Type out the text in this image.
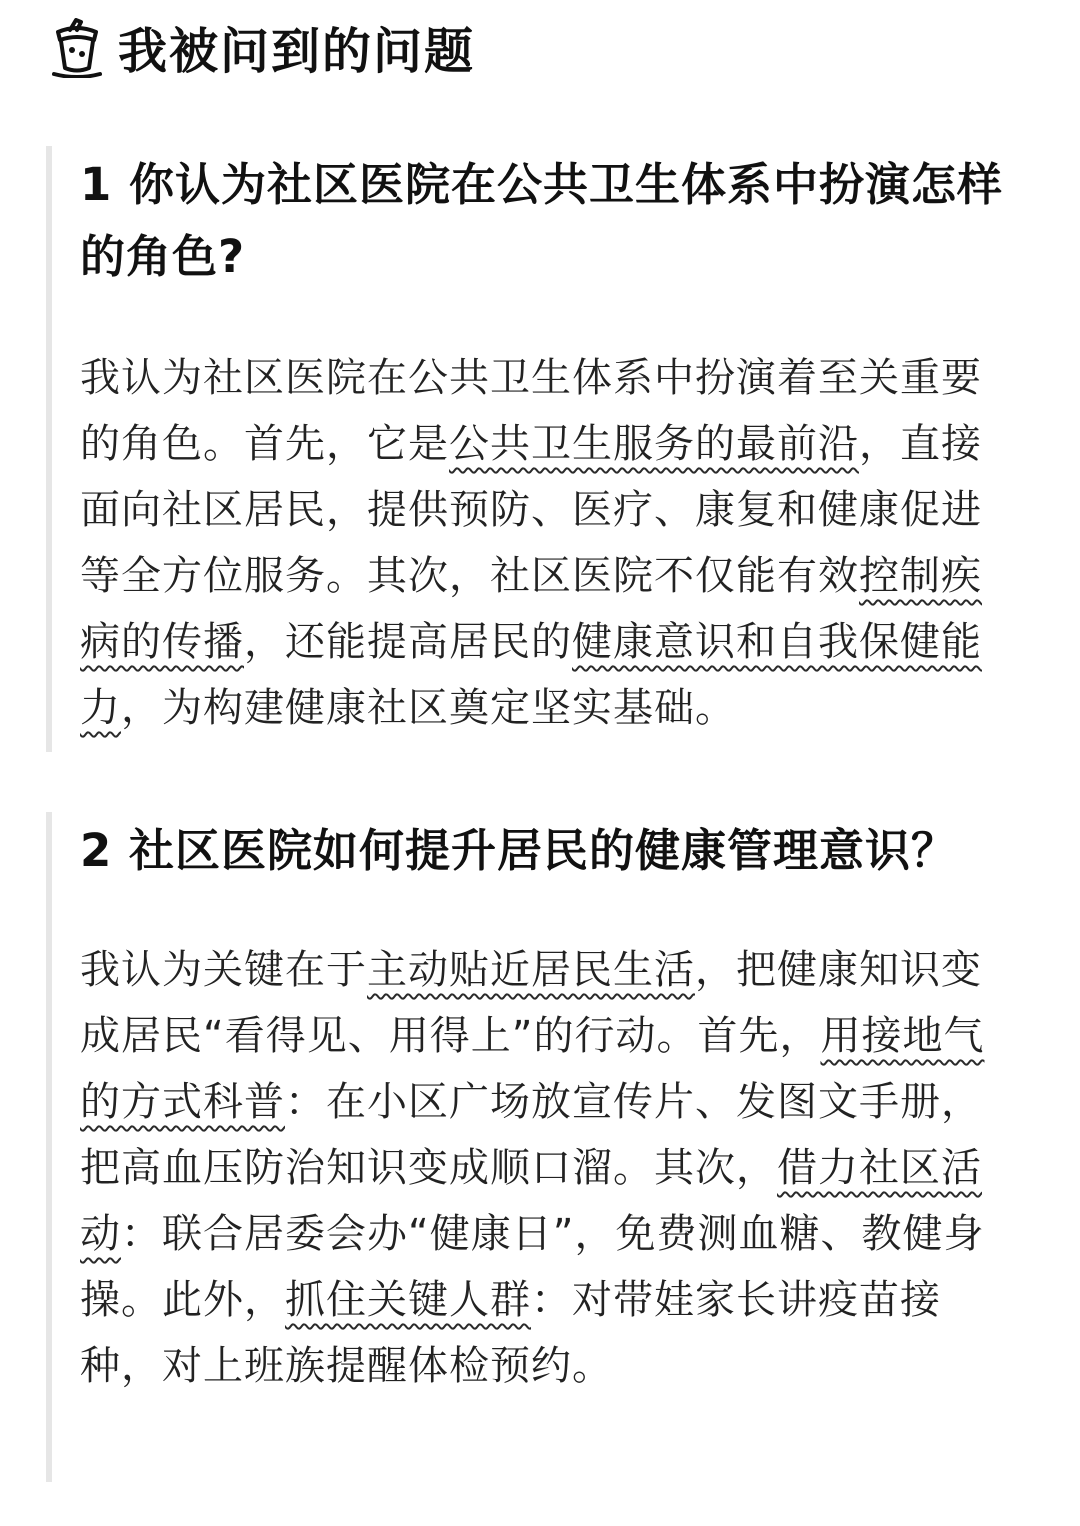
我被问到的问题
1 你认为社区医院在公共卫生体系中扮演怎样的角色?

我认为社区医院在公共卫生体系中扮演着至关重要的角色。首先，它是公共卫生服务的最前沿，直接面向社区居民，提供预防、医疗、康复和健康促进等全方位服务。其次，社区医院不仅能有效控制疾病的传播，还能提高居民的健康意识和自我保健能力，为构建健康社区奠定坚实基础。

2 社区医院如何提升居民的健康管理意识？

我认为关键在于主动贴近居民生活，把健康知识变成居民“看得见、用得上”的行动。首先，用接地气的方式科普：在小区广场放宣传片、发图文手册，把高血压防治知识变成顺口溜。其次，借力社区活动：联合居委会办“健康日”，免费测血糖、教健身操。此外，抓住关键人群：对带娃家长讲疫苗接种，对上班族提醒体检预约。
